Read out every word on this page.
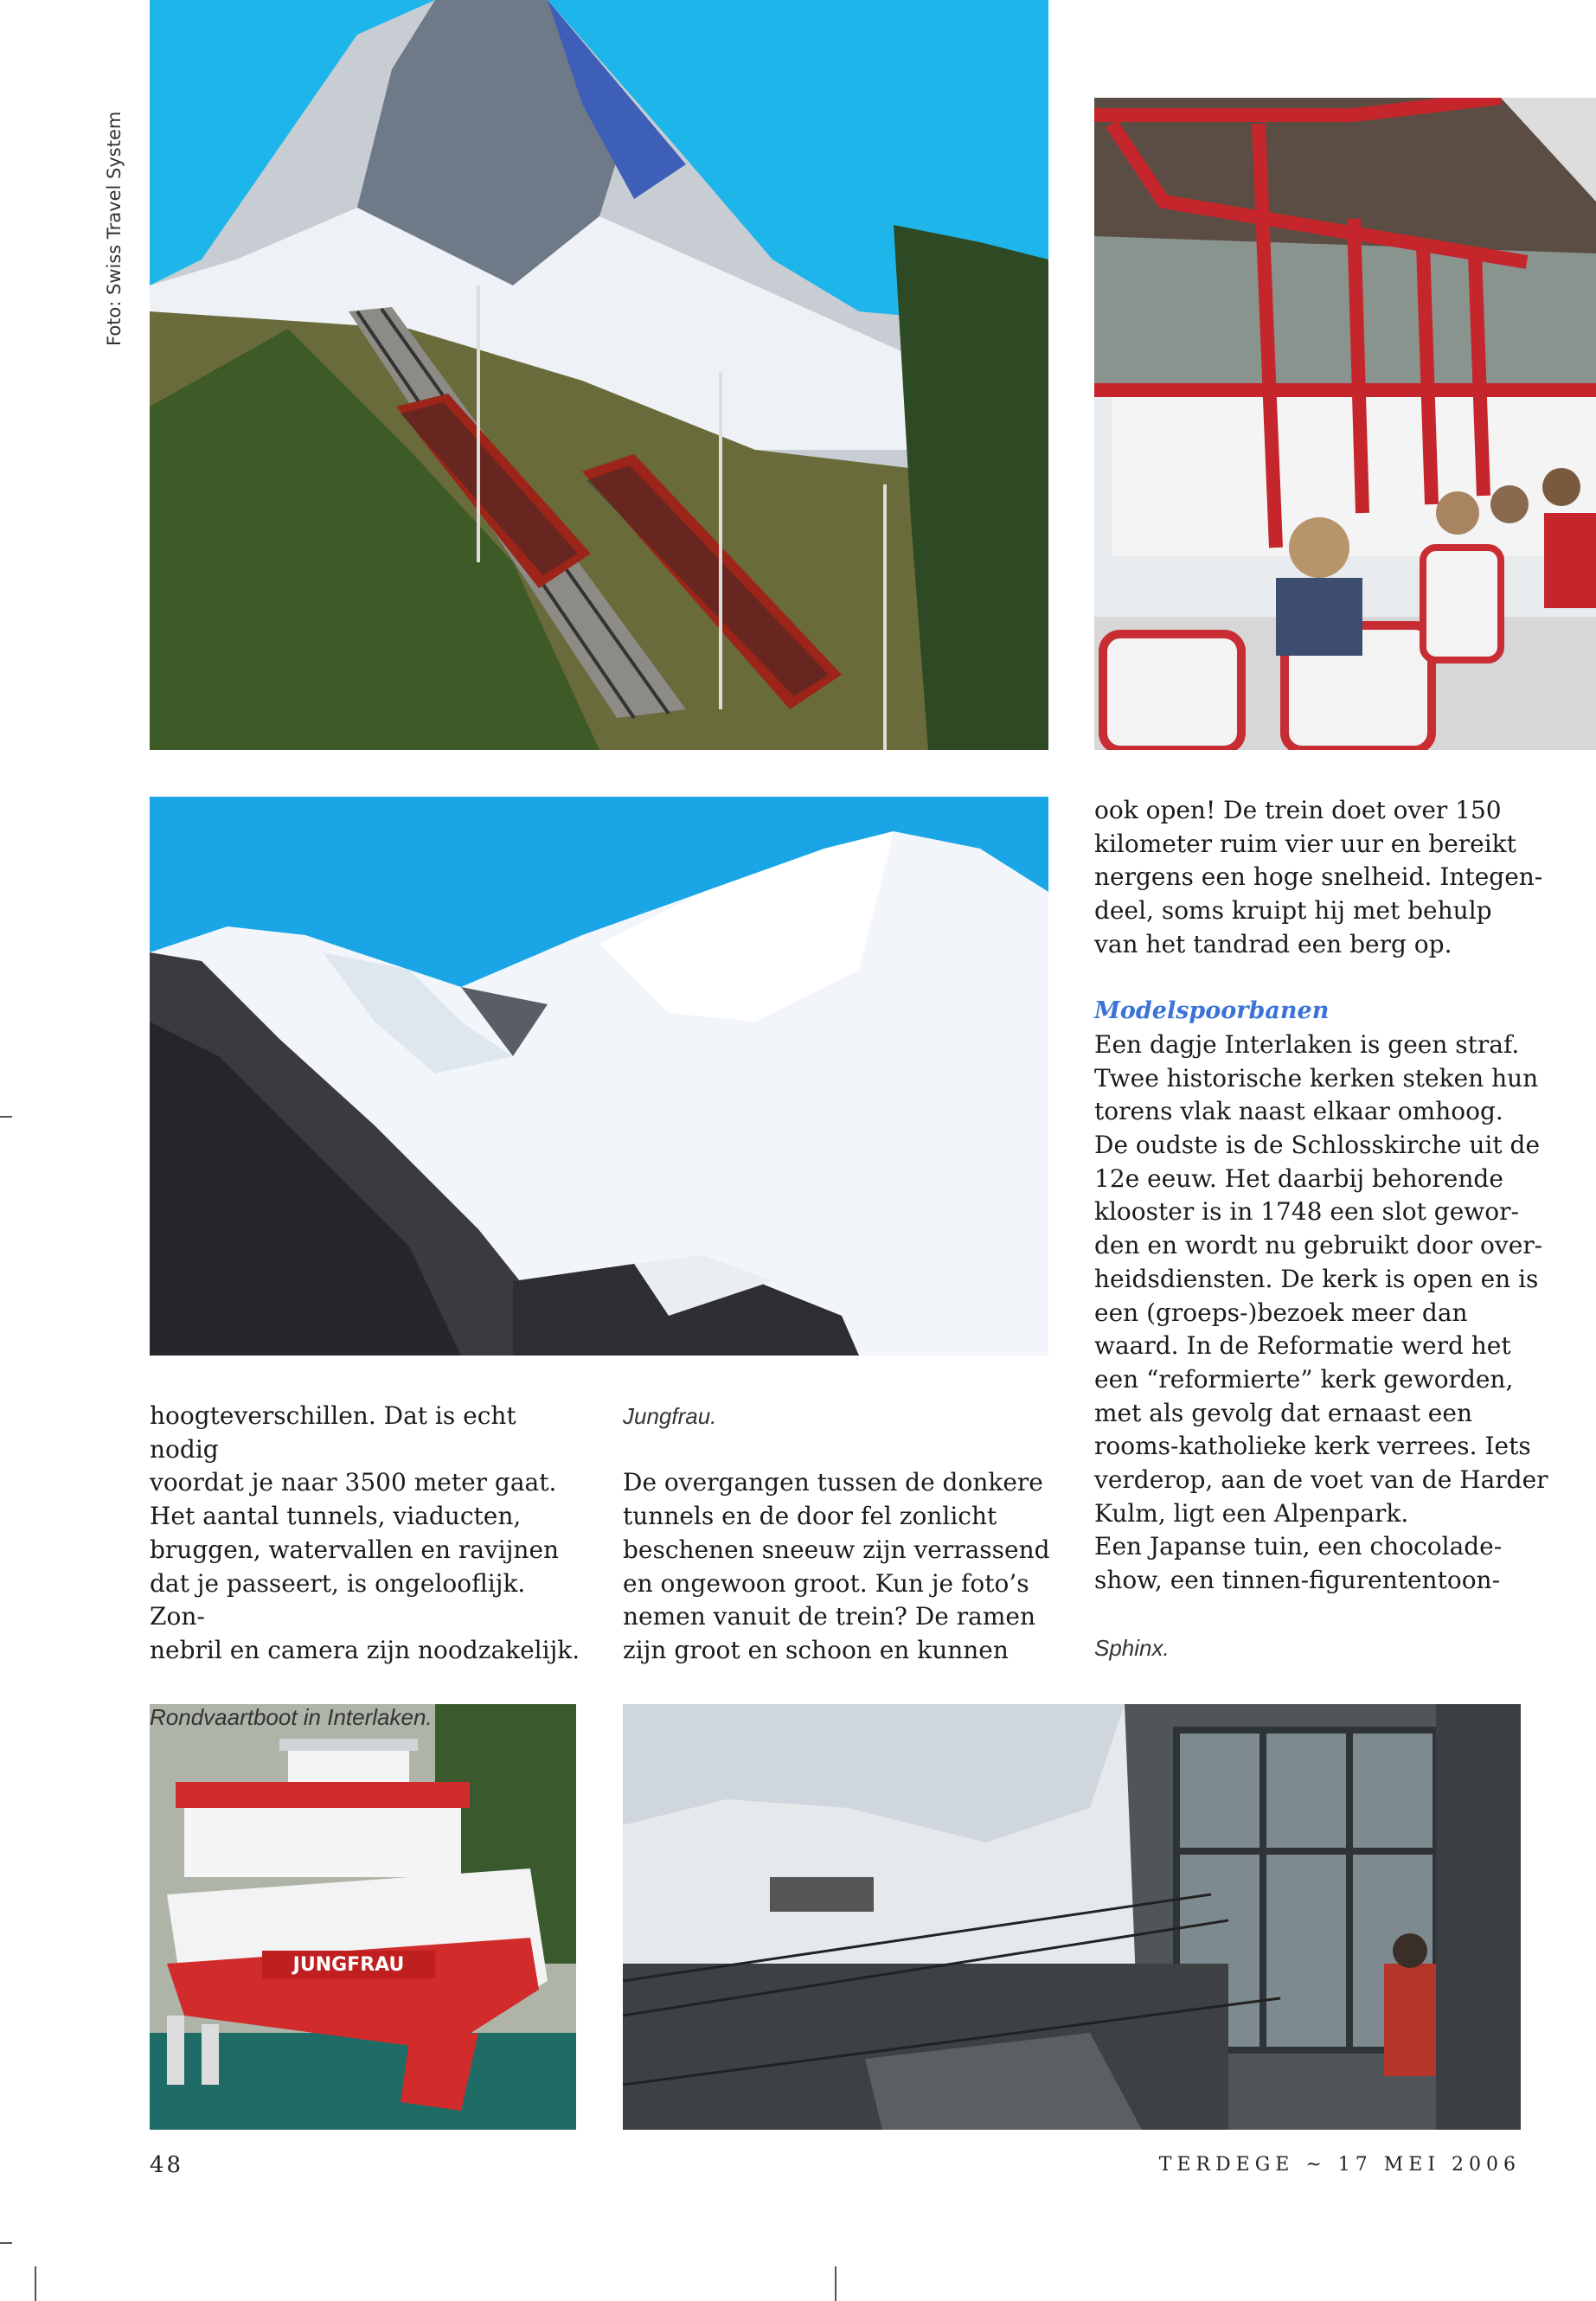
Foto: Swiss Travel System
JUNGFRAU

hoogteverschillen. Dat is echt nodig

voordat je naar 3500 meter gaat.

Het aantal tunnels, viaducten,

bruggen, watervallen en ravijnen

dat je passeert, is ongelooflijk. Zon-

nebril en camera zijn noodzakelijk.

Rondvaartboot in Interlaken.

Jungfrau.

De overgangen tussen de donkere

tunnels en de door fel zonlicht

beschenen sneeuw zijn verrassend

en ongewoon groot. Kun je foto’s

nemen vanuit de trein? De ramen

zijn groot en schoon en kunnen

ook open! De trein doet over 150

kilometer ruim vier uur en bereikt

nergens een hoge snelheid. Integen-

deel, soms kruipt hij met behulp

van het tandrad een berg op.

Modelspoorbanen

Een dagje Interlaken is geen straf.

Twee historische kerken steken hun

torens vlak naast elkaar omhoog.

De oudste is de Schlosskirche uit de

12e eeuw. Het daarbij behorende

klooster is in 1748 een slot gewor-

den en wordt nu gebruikt door over-

heidsdiensten. De kerk is open en is

een (groeps-)bezoek meer dan

waard. In de Reformatie werd het

een “reformierte” kerk geworden,

met als gevolg dat ernaast een

rooms-katholieke kerk verrees. Iets

verderop, aan de voet van de Harder

Kulm, ligt een Alpenpark.

Een Japanse tuin, een chocolade-

show, een tinnen-figurententoon-

Sphinx.

48	TERDEGE ~ 17 MEI 2006
